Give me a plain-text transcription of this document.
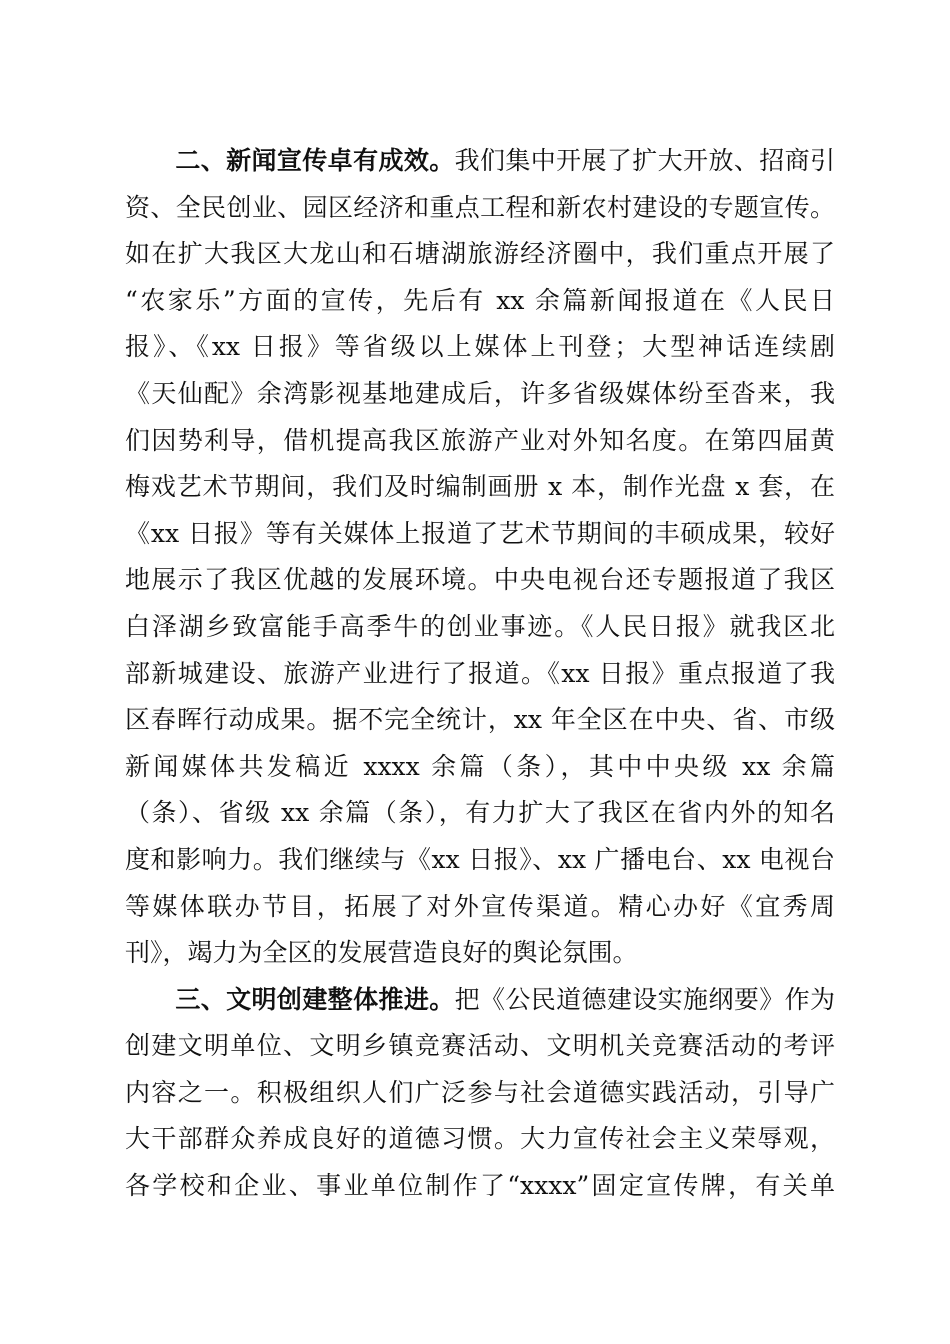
二、新闻宣传卓有成效。我们集中开展了扩大开放、招商引
资、全民创业、园区经济和重点工程和新农村建设的专题宣传。
如在扩大我区大龙山和石塘湖旅游经济圈中，我们重点开展了
“农家乐”方面的宣传，先后有 xx 余篇新闻报道在《人民日
报》、《xx 日报》等省级以上媒体上刊登；大型神话连续剧
《天仙配》余湾影视基地建成后，许多省级媒体纷至沓来，我
们因势利导，借机提高我区旅游产业对外知名度。在第四届黄
梅戏艺术节期间，我们及时编制画册 x 本，制作光盘 x 套，在
《xx 日报》等有关媒体上报道了艺术节期间的丰硕成果，较好
地展示了我区优越的发展环境。中央电视台还专题报道了我区
白泽湖乡致富能手高季牛的创业事迹。《人民日报》就我区北
部新城建设、旅游产业进行了报道。《xx 日报》重点报道了我
区春晖行动成果。据不完全统计，xx 年全区在中央、省、市级
新闻媒体共发稿近 xxxx 余篇（条），其中中央级 xx 余篇
（条）、省级 xx 余篇（条），有力扩大了我区在省内外的知名
度和影响力。我们继续与《xx 日报》、xx 广播电台、xx 电视台
等媒体联办节目，拓展了对外宣传渠道。精心办好《宜秀周
刊》，竭力为全区的发展营造良好的舆论氛围。
三、文明创建整体推进。把《公民道德建设实施纲要》作为
创建文明单位、文明乡镇竞赛活动、文明机关竞赛活动的考评
内容之一。积极组织人们广泛参与社会道德实践活动，引导广
大干部群众养成良好的道德习惯。大力宣传社会主义荣辱观，
各学校和企业、事业单位制作了“xxxx”固定宣传牌，有关单
